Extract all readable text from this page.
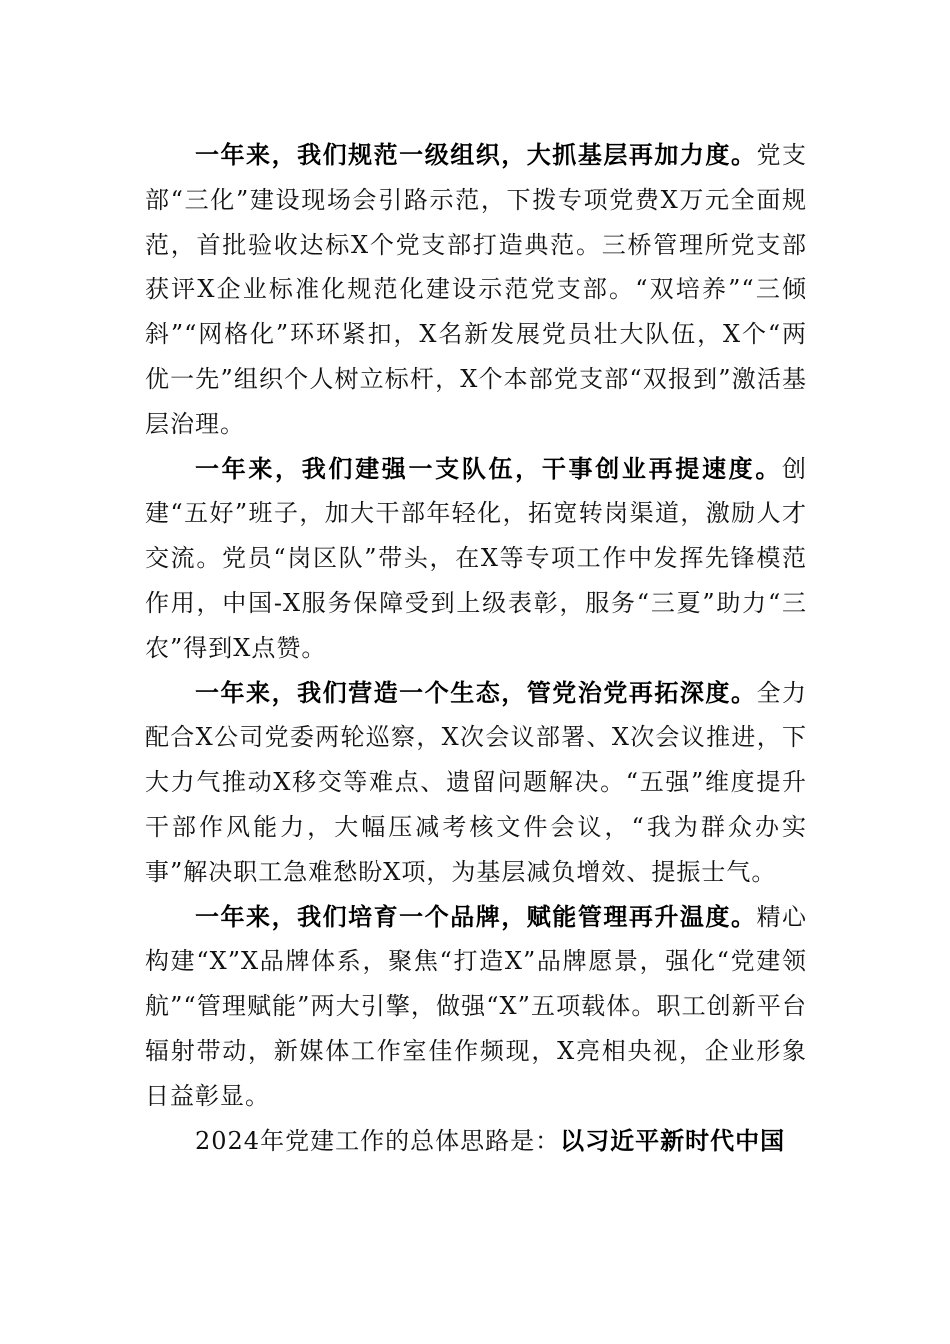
一年来，我们规范一级组织，大抓基层再加力度。党支部“三化”建设现场会引路示范，下拨专项党费X万元全面规范，首批验收达标X个党支部打造典范。三桥管理所党支部获评X企业标准化规范化建设示范党支部。“双培养”“三倾斜”“网格化”环环紧扣，X名新发展党员壮大队伍，X个“两优一先”组织个人树立标杆，X个本部党支部“双报到”激活基层治理。

一年来，我们建强一支队伍，干事创业再提速度。创建“五好”班子，加大干部年轻化，拓宽转岗渠道，激励人才交流。党员“岗区队”带头，在X等专项工作中发挥先锋模范作用，中国-X服务保障受到上级表彰，服务“三夏”助力“三农”得到X点赞。

一年来，我们营造一个生态，管党治党再拓深度。全力配合X公司党委两轮巡察，X次会议部署、X次会议推进，下大力气推动X移交等难点、遗留问题解决。“五强”维度提升干部作风能力，大幅压减考核文件会议，“我为群众办实事”解决职工急难愁盼X项，为基层减负增效、提振士气。

一年来，我们培育一个品牌，赋能管理再升温度。精心构建“X”X品牌体系，聚焦“打造X”品牌愿景，强化“党建领航”“管理赋能”两大引擎，做强“X”五项载体。职工创新平台辐射带动，新媒体工作室佳作频现，X亮相央视，企业形象日益彰显。

2024年党建工作的总体思路是：以习近平新时代中国
